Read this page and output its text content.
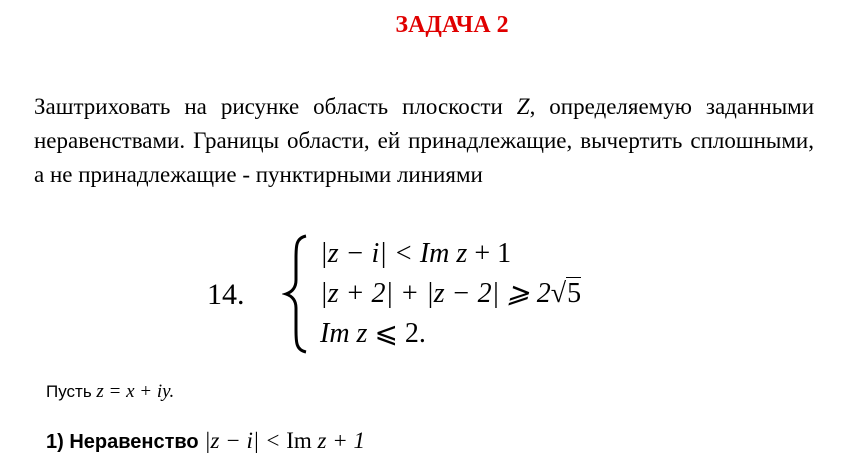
ЗАДАЧА 2
Заштриховать на рисунке область плоскости Z, определяемую заданными неравенствами. Границы области, ей принадлежащие, вычертить сплошными, а не принадлежащие - пунктирными линиями
14.
|z − i| < Im z + 1
|z + 2| + |z − 2| ⩾ 2√5
Im z ⩽ 2.
Пусть z = x + iy.
1) Неравенство |z − i| < Im z + 1
